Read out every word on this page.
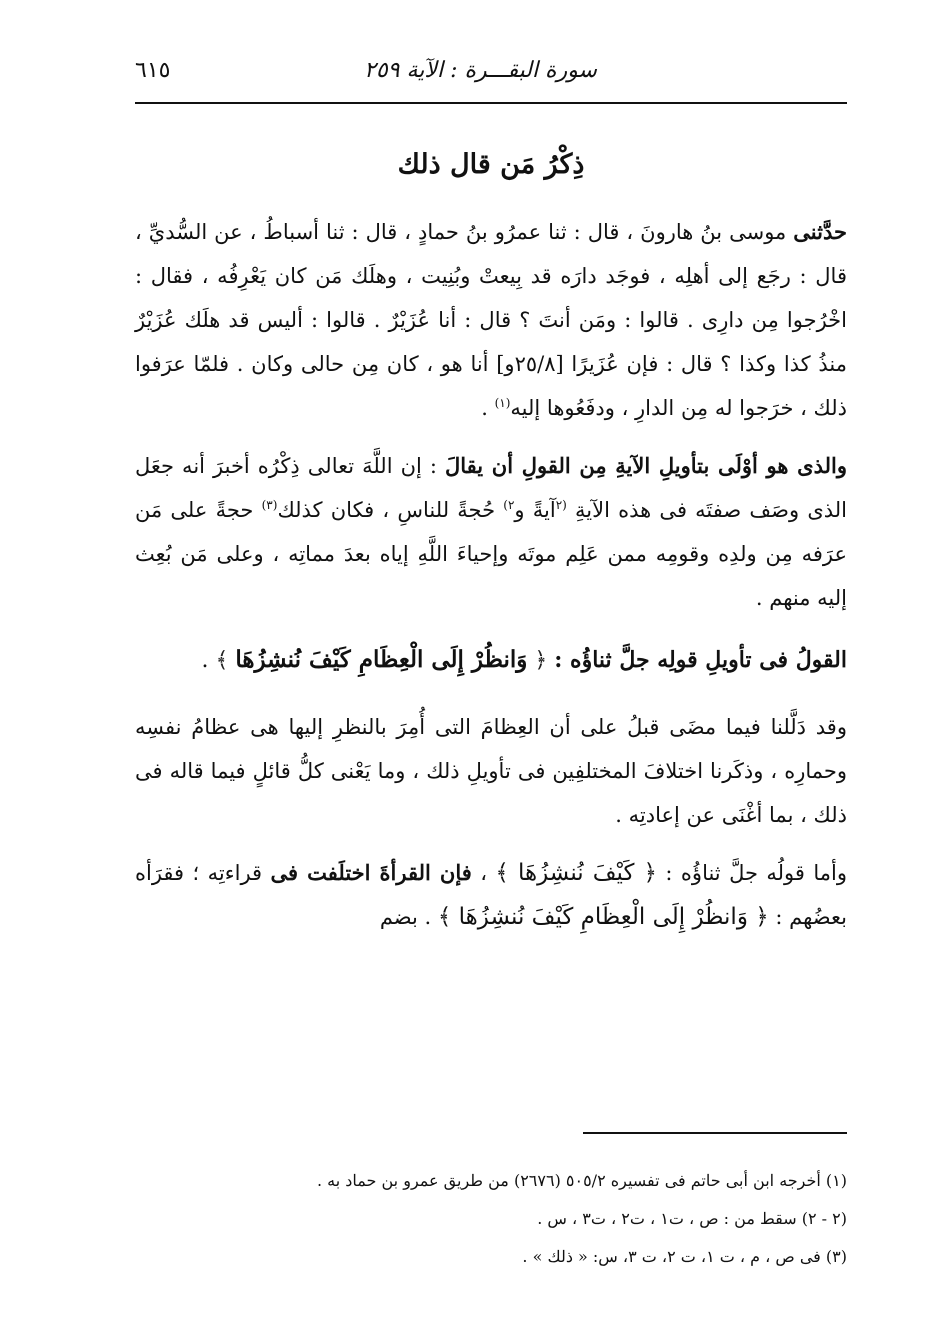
سورة البقـــرة : الآية ٢٥٩
٦١٥
ذِكْرُ مَن قال ذلك

حدَّثنى موسى بنُ هارونَ ، قال : ثنا عمرُو بنُ حمادٍ ، قال : ثنا أسباطُ ، عن السُّديِّ ، قال : رجَع إلى أهلِه ، فوجَد دارَه قد بِيعتْ وبُنِيت ، وهلَك مَن كان يَعْرِفُه ، فقال : اخْرُجوا مِن دارِى . قالوا : ومَن أنتَ ؟ قال : أنا عُزَيْرٌ . قالوا : أليس قد هلَك عُزَيْرٌ منذُ كذا وكذا ؟ قال : فإن عُزَيرًا [٢٥/٨و] أنا هو ، كان مِن حالى وكان . فلمّا عرَفوا ذلك ، خرَجوا له مِن الدارِ ، ودفَعُوها إليه$^{(١)}$ .

والذى هو أوْلَى بتأويلِ الآيةِ مِن القولِ أن يقالَ : إن اللَّهَ تعالى ذِكْرُه أخبرَ أنه جعَل الذى وصَف صفتَه فى هذه الآيةِ $^{(٢}$آيةً و$^{٢)}$ حُجةً للناسِ ، فكان كذلك$^{(٣)}$ حجةً على مَن عرَفه مِن ولدِه وقومِه ممن عَلِم موتَه وإحياءَ اللَّهِ إياه بعدَ مماتِه ، وعلى مَن بُعِث إليه منهم .

القولُ فى تأويلِ قولِه جلَّ ثناؤُه : ﴿ وَانظُرْ إِلَى الْعِظَامِ كَيْفَ نُنشِزُهَا ﴾ .

وقد دَلَّلنا فيما مضَى قبلُ على أن العِظامَ التى أُمِرَ بالنظرِ إليها هى عظامُ نفسِه وحمارِه ، وذكَرنا اختلافَ المختلفِين فى تأويلِ ذلك ، وما يَعْنى كلُّ قائلٍ فيما قاله فى ذلك ، بما أغْنَى عن إعادتِه .

وأما قولُه جلَّ ثناؤُه : ﴿ كَيْفَ نُنشِزُهَا ﴾ ، فإن القرأةَ اختلَفت فى قراءتِه ؛ فقرَأه بعضُهم : ﴿ وَانظُرْ إِلَى الْعِظَامِ كَيْفَ نُنشِزُهَا ﴾ . بضم

(١) أخرجه ابن أبى حاتم فى تفسيره ٥٠٥/٢ (٢٦٧٦) من طريق عمرو بن حماد به .
(٢ - ٢) سقط من : ص ، ت١ ، ت٢ ، ت٣ ، س .
(٣) فى ص ، م ، ت ١، ت ٢، ت ٣، س: « ذلك » .
